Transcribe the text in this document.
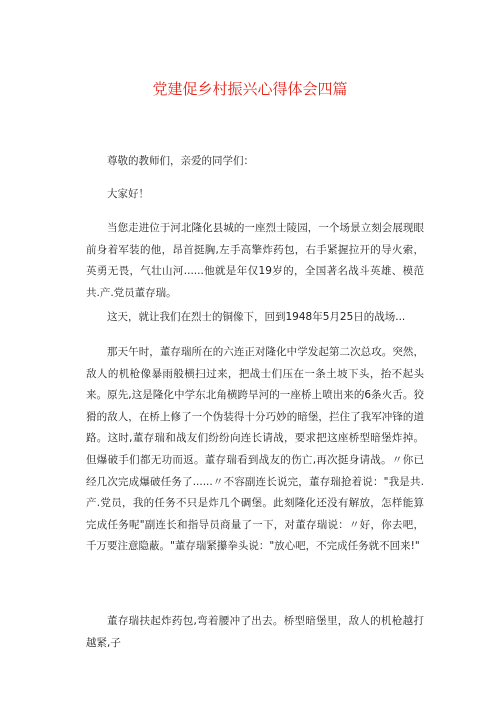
党建促乡村振兴心得体会四篇

尊敬的教师们，亲爱的同学们：

大家好！

当您走进位于河北隆化县城的一座烈士陵园，一个场景立刻会展现眼前身着军装的他，昂首挺胸,左手高擎炸药包，右手紧握拉开的导火索，英勇无畏，气壮山河......他就是年仅19岁的，全国著名战斗英雄、模范共.产.党员董存瑞。

这天，就让我们在烈士的铜像下，回到1948年5月25日的战场...

那天午时，董存瑞所在的六连正对隆化中学发起第二次总攻。突然，敌人的机枪像暴雨般横扫过来，把战士们压在一条土坡下头，抬不起头来。原先,这是隆化中学东北角横跨旱河的一座桥上喷出来的6条火舌。狡猾的敌人，在桥上修了一个伪装得十分巧妙的暗堡，拦住了我军冲锋的道路。这时,董存瑞和战友们纷纷向连长请战，要求把这座桥型暗堡炸掉。但爆破手们都无功而返。董存瑞看到战友的伤亡,再次挺身请战。〃你已经几次完成爆破任务了......〃不容副连长说完，董存瑞抢着说："我是共.产.党员，我的任务不只是炸几个碉堡。此刻隆化还没有解放，怎样能算完成任务呢"副连长和指导员商量了一下，对董存瑞说：〃好，你去吧，千万要注意隐蔽。"董存瑞紧攥拳头说："放心吧，不完成任务就不回来!"

董存瑞扶起炸药包,弯着腰冲了出去。桥型暗堡里，敌人的机枪越打越紧,子
